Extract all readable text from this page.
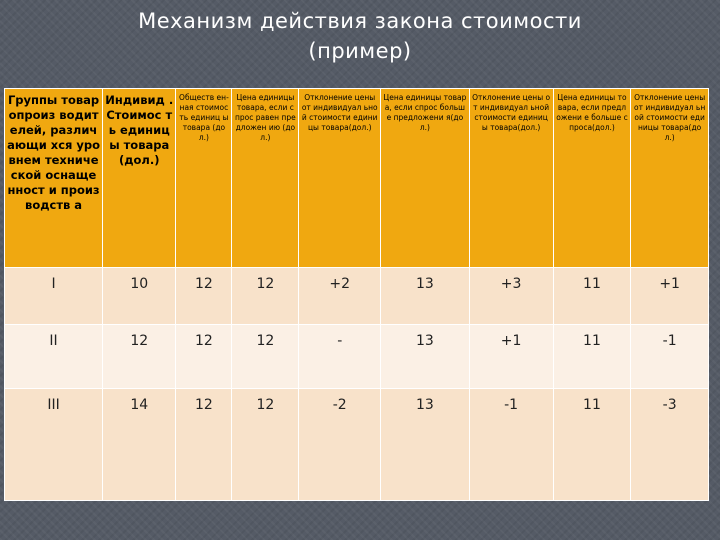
Механизм действия закона стоимости
(пример)
Группы товаропроиз водителей, различающи хся уровнем технической оснащенност и производств а	Индивид . Стоимос ть единицы товара (дол.)	Обществ ен- ная стоимос ть единиц ы товара (дол.)	Цена единицы товара, если спрос равен предложен ию (дол.)	Отклонение цены от индивидуал ьной стоимости единицы товара(дол.)	Цена единицы товара, если спрос больше предложени я(дол.)	Отклонение цены от индивидуал ьной стоимости единицы товара(дол.)	Цена единицы товара, если предложени е больше спроса(дол.)	Отклонение цены от индивидуал ьной стоимости единицы товара(дол.)
I	10	12	12	+2	13	+3	11	+1
II	12	12	12	-	13	+1	11	-1
III	14	12	12	-2	13	-1	11	-3
